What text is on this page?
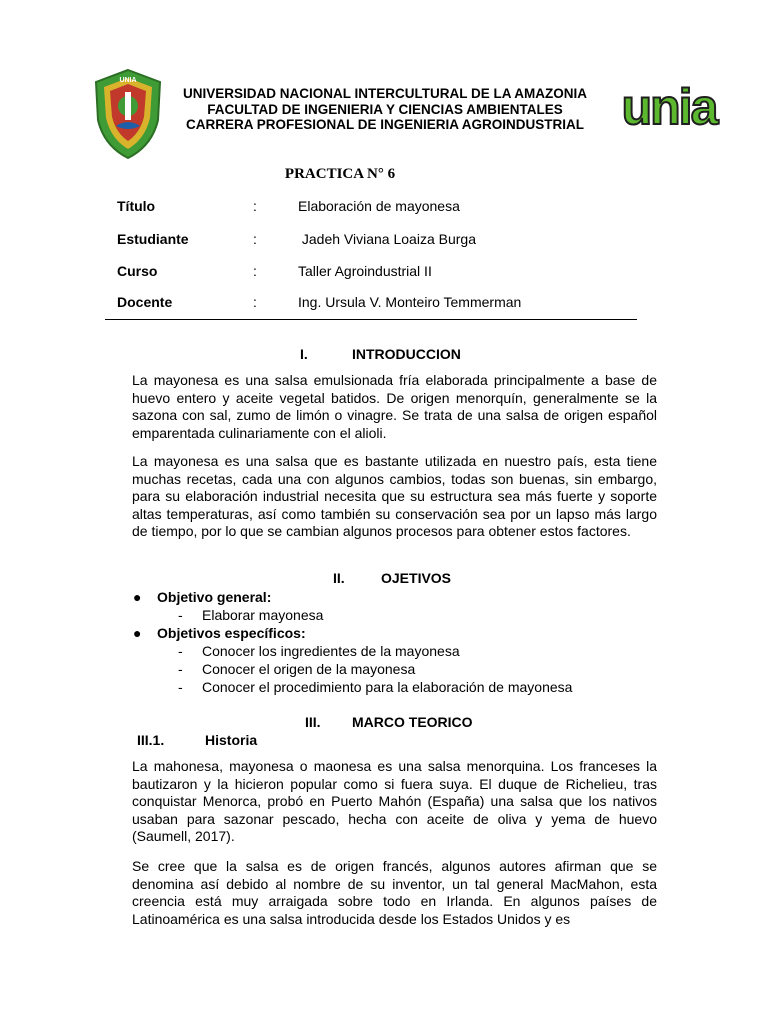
UNIA
UNIVERSIDAD NACIONAL INTERCULTURAL DE LA AMAZONIA
FACULTAD DE INGENIERIA Y CIENCIAS AMBIENTALES
CARRERA PROFESIONAL DE INGENIERIA AGROINDUSTRIAL unia
PRACTICA N° 6
Título	:	Elaboración de mayonesa
Estudiante	:	Jadeh Viviana Loaiza Burga
Curso	:	Taller Agroindustrial II
Docente	:	Ing. Ursula V. Monteiro Temmerman
I.	INTRODUCCION
La mayonesa es una salsa emulsionada fría elaborada principalmente a base de huevo entero y aceite vegetal batidos. De origen menorquín, generalmente se la sazona con sal, zumo de limón o vinagre. Se trata de una salsa de origen español emparentada culinariamente con el alioli.
La mayonesa es una salsa que es bastante utilizada en nuestro país, esta tiene muchas recetas, cada una con algunos cambios, todas son buenas, sin embargo, para su elaboración industrial necesita que su estructura sea más fuerte y soporte altas temperaturas, así como también su conservación sea por un lapso más largo de tiempo, por lo que se cambian algunos procesos para obtener estos factores.
II.	OJETIVOS
● Objetivo general:
- Elaborar mayonesa
● Objetivos específicos:
- Conocer los ingredientes de la mayonesa
- Conocer el origen de la mayonesa
- Conocer el procedimiento para la elaboración de mayonesa
III. MARCO TEORICO
III.1.	Historia
La mahonesa, mayonesa o maonesa es una salsa menorquina. Los franceses la bautizaron y la hicieron popular como si fuera suya. El duque de Richelieu, tras conquistar Menorca, probó en Puerto Mahón (España) una salsa que los nativos usaban para sazonar pescado, hecha con aceite de oliva y yema de huevo (Saumell, 2017).
Se cree que la salsa es de origen francés, algunos autores afirman que se denomina así debido al nombre de su inventor, un tal general MacMahon, esta creencia está muy arraigada sobre todo en Irlanda. En algunos países de Latinoamérica es una salsa introducida desde los Estados Unidos y es
